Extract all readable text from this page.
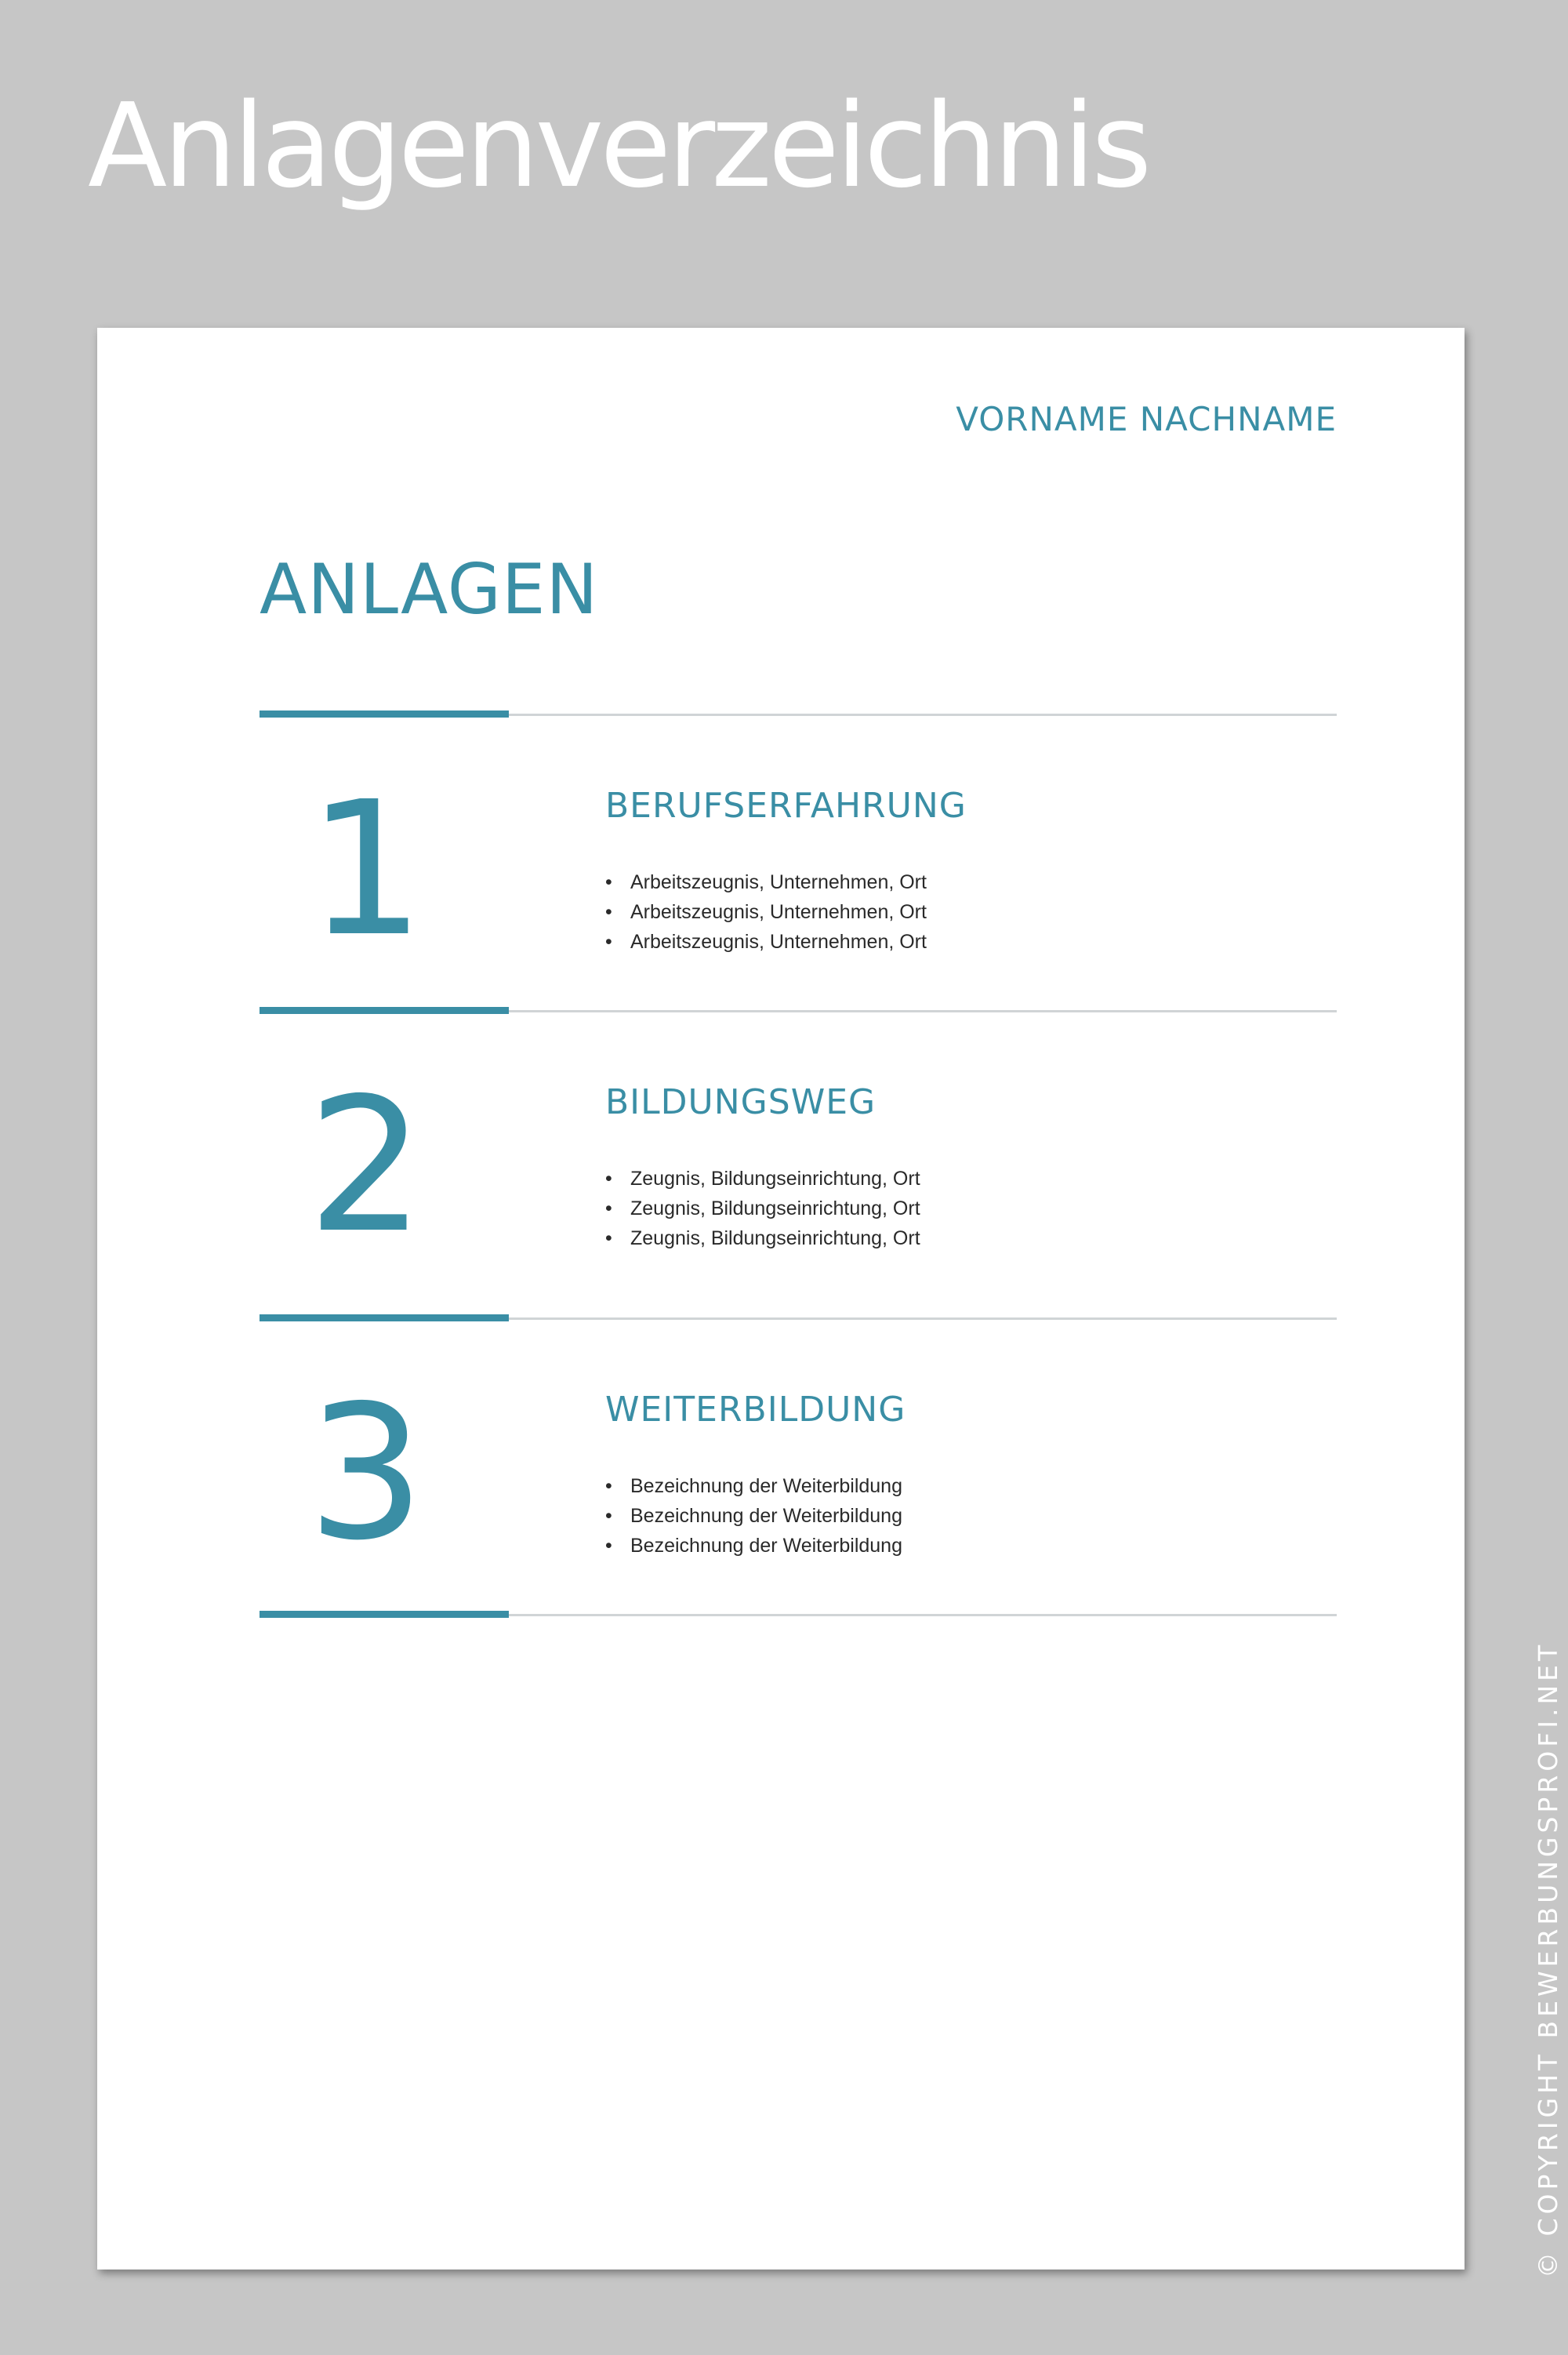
Anlagenverzeichnis
VORNAME NACHNAME
ANLAGEN
1	BERUFSERFAHRUNG
• Arbeitszeugnis, Unternehmen, Ort
• Arbeitszeugnis, Unternehmen, Ort
• Arbeitszeugnis, Unternehmen, Ort
2	BILDUNGSWEG
• Zeugnis, Bildungseinrichtung, Ort
• Zeugnis, Bildungseinrichtung, Ort
• Zeugnis, Bildungseinrichtung, Ort
3	WEITERBILDUNG
• Bezeichnung der Weiterbildung
• Bezeichnung der Weiterbildung
• Bezeichnung der Weiterbildung
© COPYRIGHT BEWERBUNGSPROFI.NET
